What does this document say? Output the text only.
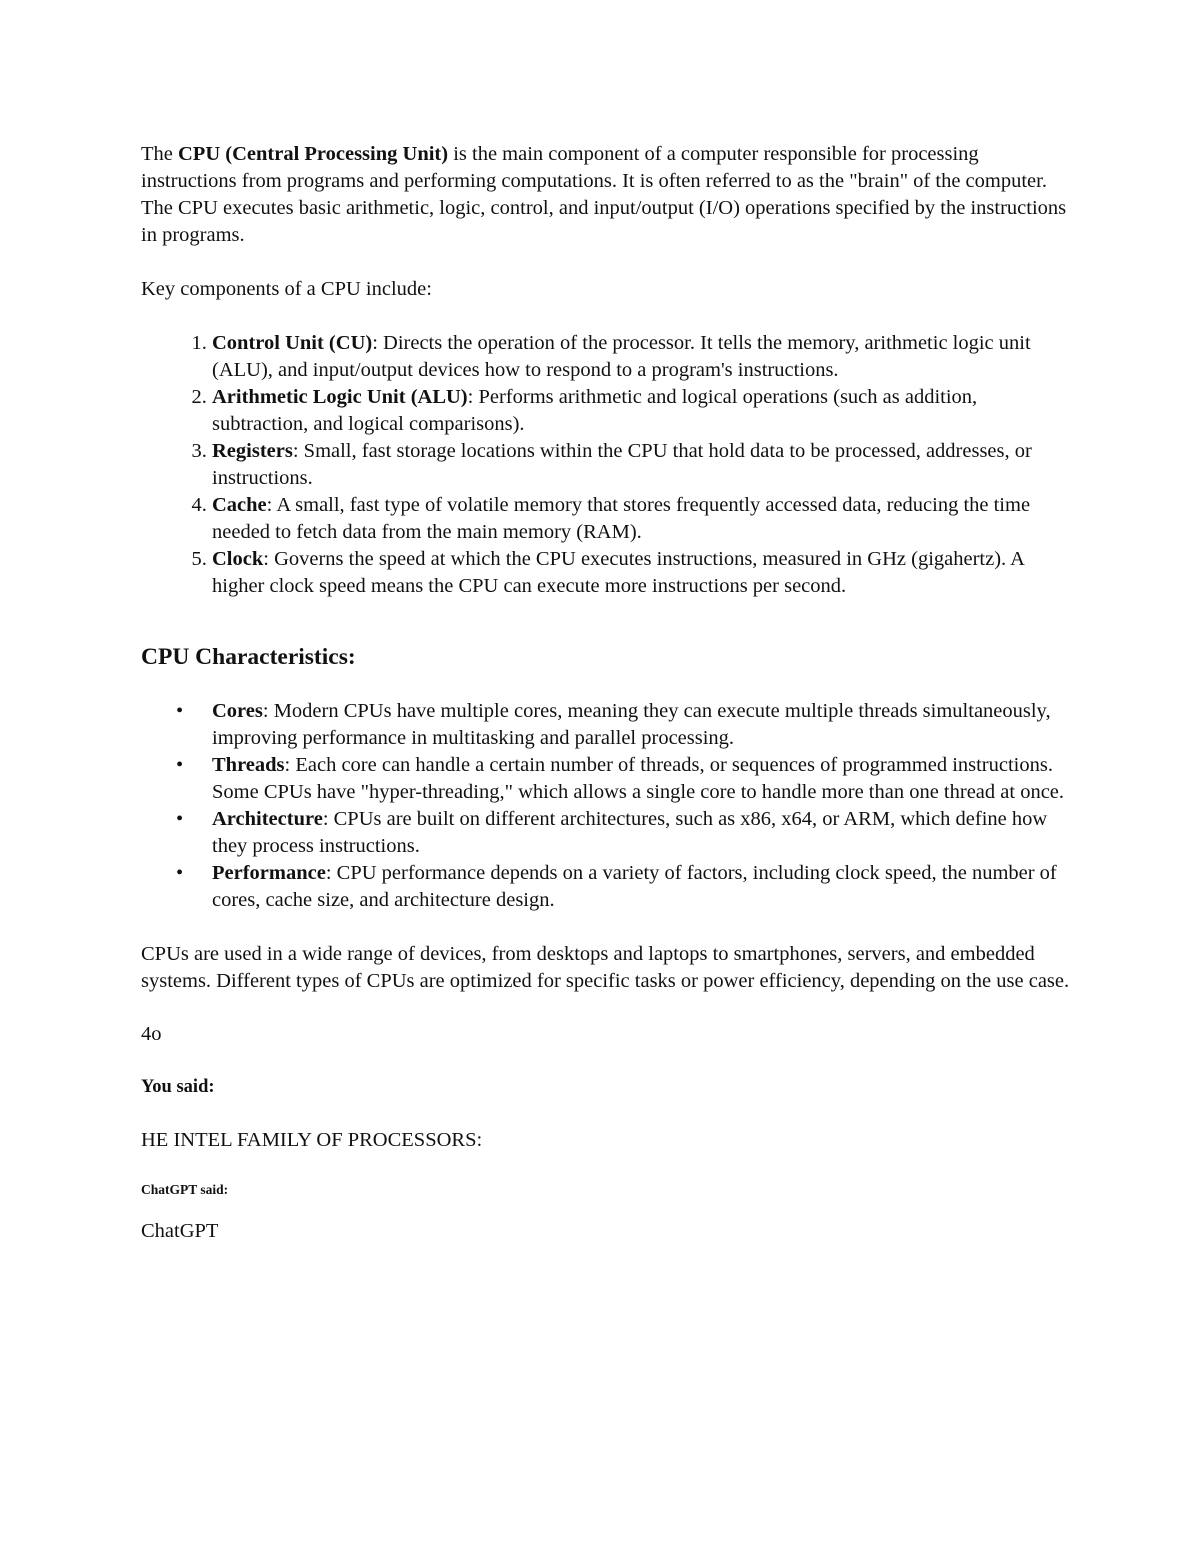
The CPU (Central Processing Unit) is the main component of a computer responsible for processing instructions from programs and performing computations. It is often referred to as the "brain" of the computer. The CPU executes basic arithmetic, logic, control, and input/output (I/O) operations specified by the instructions in programs.

Key components of a CPU include:

1. Control Unit (CU): Directs the operation of the processor. It tells the memory, arithmetic logic unit (ALU), and input/output devices how to respond to a program's instructions.
2. Arithmetic Logic Unit (ALU): Performs arithmetic and logical operations (such as addition, subtraction, and logical comparisons).
3. Registers: Small, fast storage locations within the CPU that hold data to be processed, addresses, or instructions.
4. Cache: A small, fast type of volatile memory that stores frequently accessed data, reducing the time needed to fetch data from the main memory (RAM).
5. Clock: Governs the speed at which the CPU executes instructions, measured in GHz (gigahertz). A higher clock speed means the CPU can execute more instructions per second.
CPU Characteristics:
• Cores: Modern CPUs have multiple cores, meaning they can execute multiple threads simultaneously, improving performance in multitasking and parallel processing.
• Threads: Each core can handle a certain number of threads, or sequences of programmed instructions. Some CPUs have "hyper-threading," which allows a single core to handle more than one thread at once.
• Architecture: CPUs are built on different architectures, such as x86, x64, or ARM, which define how they process instructions.
• Performance: CPU performance depends on a variety of factors, including clock speed, the number of cores, cache size, and architecture design.

CPUs are used in a wide range of devices, from desktops and laptops to smartphones, servers, and embedded systems. Different types of CPUs are optimized for specific tasks or power efficiency, depending on the use case.

4o

You said:

HE INTEL FAMILY OF PROCESSORS:

ChatGPT said:

ChatGPT
